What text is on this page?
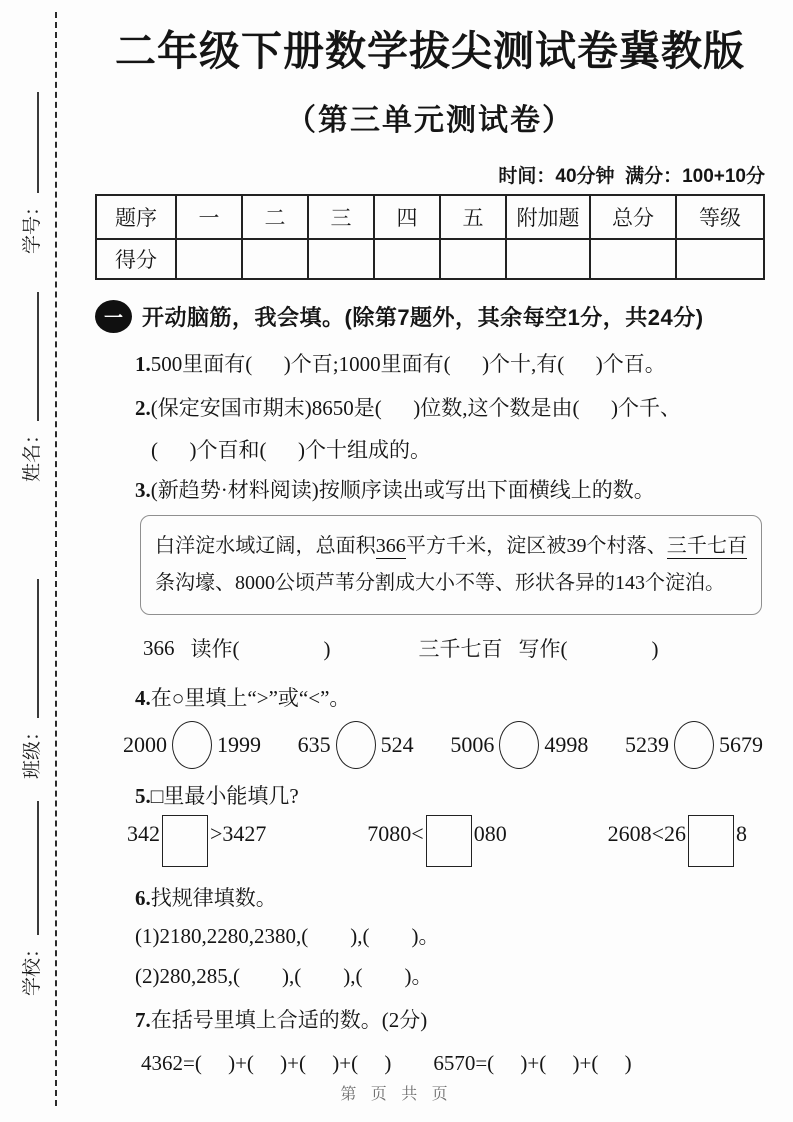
学号：
姓名：
班级：
学校：
二年级下册数学拔尖测试卷冀教版
（第三单元测试卷）
时间：40分钟  满分：100+10分
题序	一	二	三	四	五	附加题	总分	等级
得分								
一 开动脑筋，我会填。(除第7题外，其余每空1分，共24分)

1.500里面有(      )个百;1000里面有(      )个十,有(      )个百。

2.(保定安国市期末)8650是(      )位数,这个数是由(      )个千、

(      )个百和(      )个十组成的。

3.(新趋势·材料阅读)按顺序读出或写出下面横线上的数。

白洋淀水域辽阔，总面积366平方千米，淀区被39个村落、三千七百条沟壕、8000公顷芦苇分割成大小不等、形状各异的143个淀泊。
366 读作(                )	三千七百 写作(                )

4.在○里填上“>”或“<”。

2000 1999 635 524 5006 4998 5239 5679

5.□里最小能填几?

342 >3427	7080< 080	2608<26 8

6.找规律填数。

(1)2180,2280,2380,(        ),(        )。

(2)280,285,(        ),(        ),(        )。

7.在括号里填上合适的数。(2分)

4362=(     )+(     )+(     )+(     ) 6570=(     )+(     )+(     )
第 页 共 页
